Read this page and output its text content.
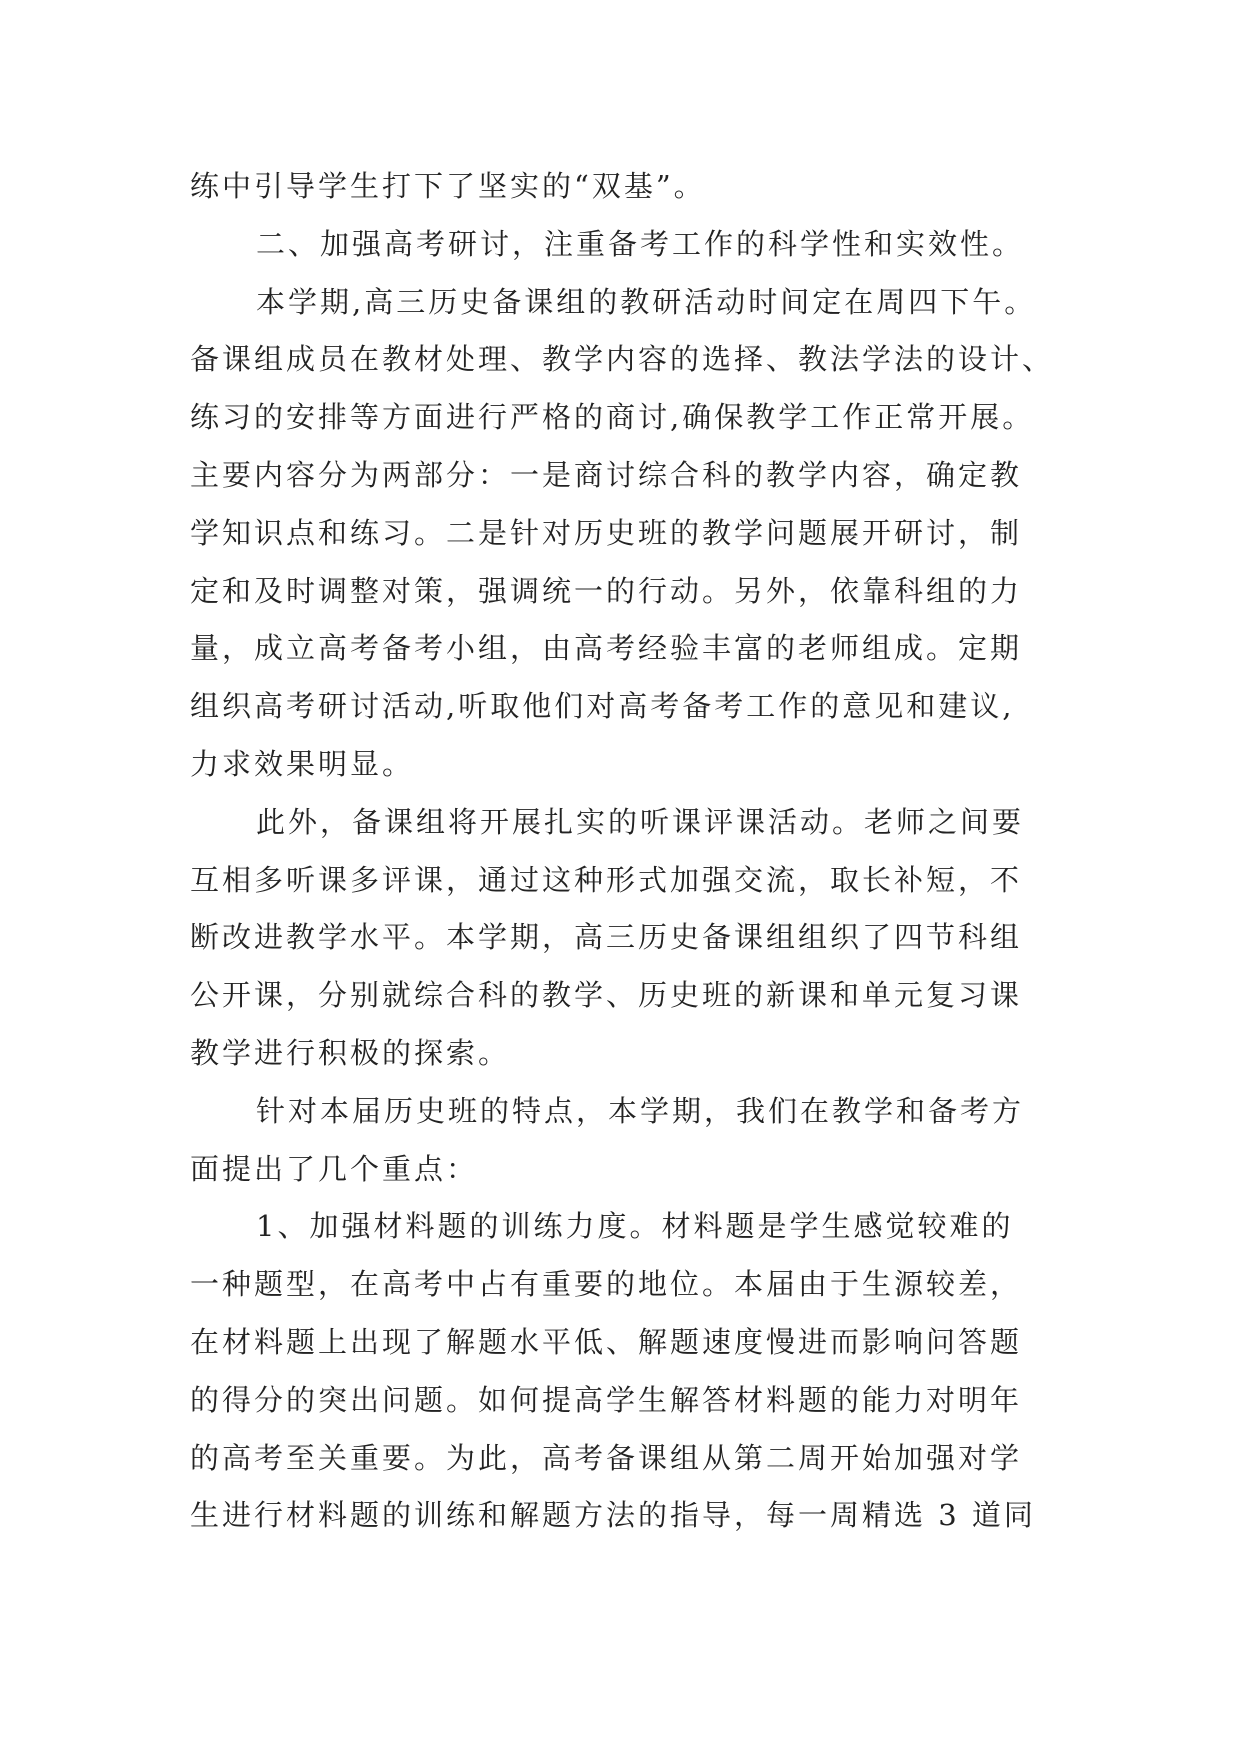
练中引导学生打下了坚实的“双基”。
二、加强高考研讨，注重备考工作的科学性和实效性。
本学期,高三历史备课组的教研活动时间定在周四下午。
备课组成员在教材处理、教学内容的选择、教法学法的设计、
练习的安排等方面进行严格的商讨,确保教学工作正常开展。
主要内容分为两部分：一是商讨综合科的教学内容，确定教
学知识点和练习。二是针对历史班的教学问题展开研讨，制
定和及时调整对策，强调统一的行动。另外，依靠科组的力
量，成立高考备考小组，由高考经验丰富的老师组成。定期
组织高考研讨活动,听取他们对高考备考工作的意见和建议,
力求效果明显。
此外，备课组将开展扎实的听课评课活动。老师之间要
互相多听课多评课，通过这种形式加强交流，取长补短，不
断改进教学水平。本学期，高三历史备课组组织了四节科组
公开课，分别就综合科的教学、历史班的新课和单元复习课
教学进行积极的探索。
针对本届历史班的特点，本学期，我们在教学和备考方
面提出了几个重点：
1、加强材料题的训练力度。材料题是学生感觉较难的
一种题型，在高考中占有重要的地位。本届由于生源较差，
在材料题上出现了解题水平低、解题速度慢进而影响问答题
的得分的突出问题。如何提高学生解答材料题的能力对明年
的高考至关重要。为此，高考备课组从第二周开始加强对学
生进行材料题的训练和解题方法的指导，每一周精选 3 道同
